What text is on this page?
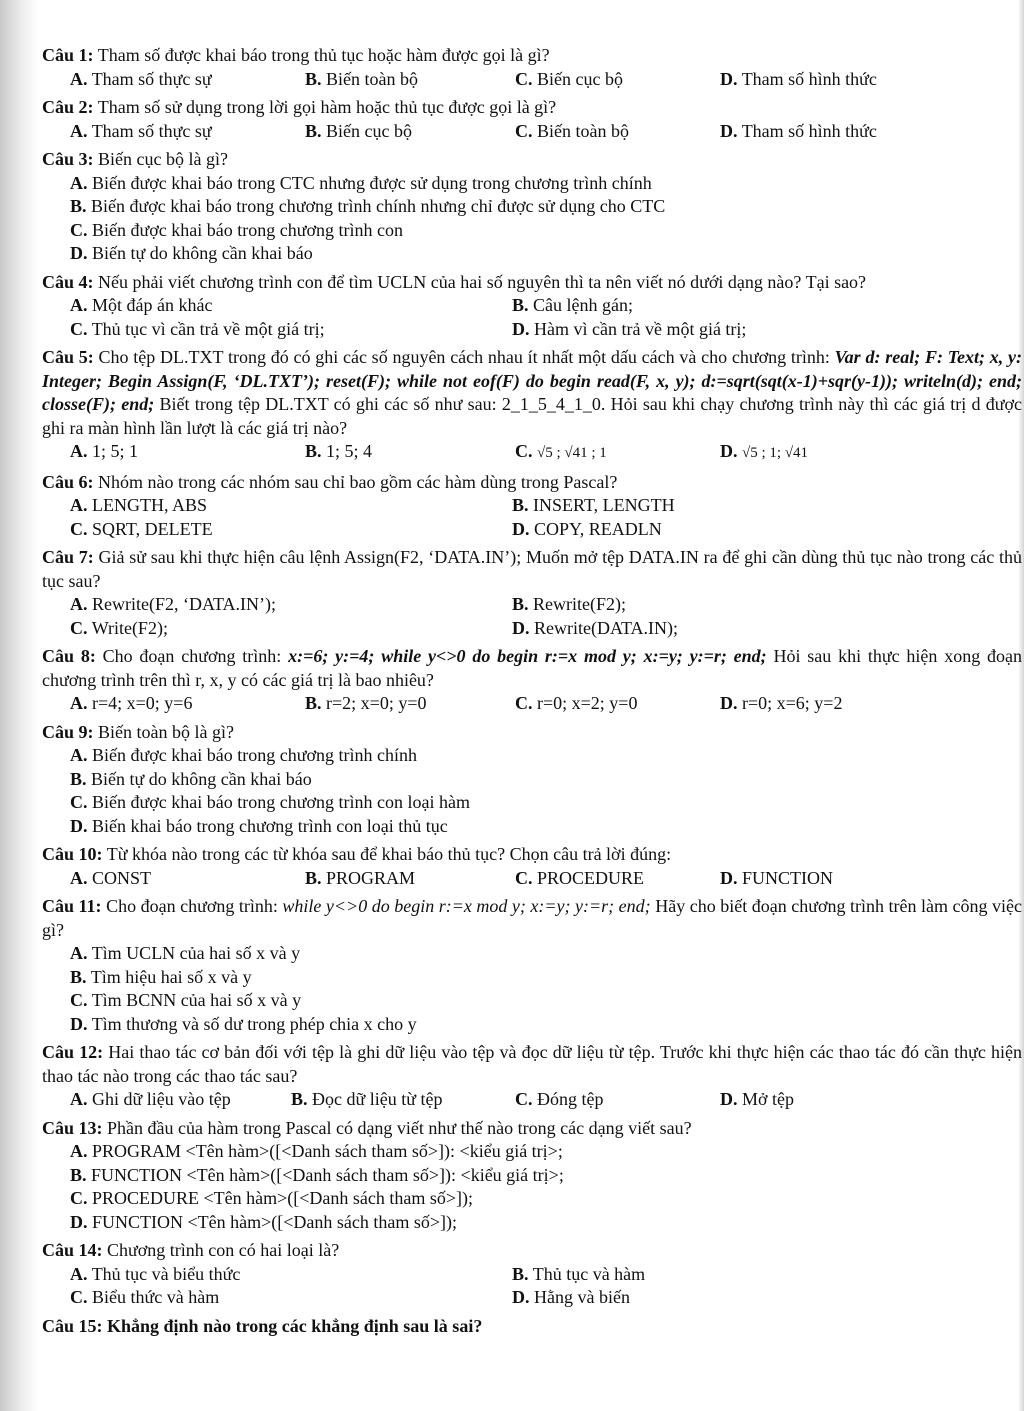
Câu 1: Tham số được khai báo trong thủ tục hoặc hàm được gọi là gì?
A. Tham số thực sự	B. Biến toàn bộ	C. Biến cục bộ	D. Tham số hình thức
Câu 2: Tham số sử dụng trong lời gọi hàm hoặc thủ tục được gọi là gì?
A. Tham số thực sự	B. Biến cục bộ	C. Biến toàn bộ	D. Tham số hình thức
Câu 3: Biến cục bộ là gì?
A. Biến được khai báo trong CTC nhưng được sử dụng trong chương trình chính
B. Biến được khai báo trong chương trình chính nhưng chỉ được sử dụng cho CTC
C. Biến được khai báo trong chương trình con
D. Biến tự do không cần khai báo
Câu 4: Nếu phải viết chương trình con để tìm UCLN của hai số nguyên thì ta nên viết nó dưới dạng nào? Tại sao?
A. Một đáp án khác	B. Câu lệnh gán;
C. Thủ tục vì cần trả về một giá trị;	D. Hàm vì cần trả về một giá trị;
Câu 5: Cho tệp DL.TXT trong đó có ghi các số nguyên cách nhau ít nhất một dấu cách và cho chương trình: Var d: real; F: Text; x, y: Integer; Begin Assign(F, ‘DL.TXT’); reset(F); while not eof(F) do begin read(F, x, y); d:=sqrt(sqt(x-1)+sqr(y-1)); writeln(d); end; closse(F); end; Biết trong tệp DL.TXT có ghi các số như sau: 2_1_5_4_1_0. Hỏi sau khi chạy chương trình này thì các giá trị d được ghi ra màn hình lần lượt là các giá trị nào?
A. 1; 5; 1	B. 1; 5; 4	C. √5 ; √41 ; 1	D. √5 ; 1; √41
Câu 6: Nhóm nào trong các nhóm sau chỉ bao gồm các hàm dùng trong Pascal?
A. LENGTH, ABS	B. INSERT, LENGTH
C. SQRT, DELETE	D. COPY, READLN
Câu 7: Giả sử sau khi thực hiện câu lệnh Assign(F2, ‘DATA.IN’); Muốn mở tệp DATA.IN ra để ghi cần dùng thủ tục nào trong các thủ tục sau?
A. Rewrite(F2, ‘DATA.IN’);	B. Rewrite(F2);
C. Write(F2);	D. Rewrite(DATA.IN);
Câu 8: Cho đoạn chương trình: x:=6; y:=4; while y<>0 do begin r:=x mod y; x:=y; y:=r; end; Hỏi sau khi thực hiện xong đoạn chương trình trên thì r, x, y có các giá trị là bao nhiêu?
A. r=4; x=0; y=6	B. r=2; x=0; y=0	C. r=0; x=2; y=0	D. r=0; x=6; y=2
Câu 9: Biến toàn bộ là gì?
A. Biến được khai báo trong chương trình chính
B. Biến tự do không cần khai báo
C. Biến được khai báo trong chương trình con loại hàm
D. Biến khai báo trong chương trình con loại thủ tục
Câu 10: Từ khóa nào trong các từ khóa sau để khai báo thủ tục? Chọn câu trả lời đúng:
A. CONST	B. PROGRAM	C. PROCEDURE	D. FUNCTION
Câu 11: Cho đoạn chương trình: while y<>0 do begin r:=x mod y; x:=y; y:=r; end; Hãy cho biết đoạn chương trình trên làm công việc gì?
A. Tìm UCLN của hai số x và y
B. Tìm hiệu hai số x và y
C. Tìm BCNN của hai số x và y
D. Tìm thương và số dư trong phép chia x cho y
Câu 12: Hai thao tác cơ bản đối với tệp là ghi dữ liệu vào tệp và đọc dữ liệu từ tệp. Trước khi thực hiện các thao tác đó cần thực hiện thao tác nào trong các thao tác sau?
A. Ghi dữ liệu vào tệp	B. Đọc dữ liệu từ tệp	C. Đóng tệp	D. Mở tệp
Câu 13: Phần đầu của hàm trong Pascal có dạng viết như thế nào trong các dạng viết sau?
A. PROGRAM <Tên hàm>([<Danh sách tham số>]): <kiểu giá trị>;
B. FUNCTION <Tên hàm>([<Danh sách tham số>]): <kiểu giá trị>;
C. PROCEDURE <Tên hàm>([<Danh sách tham số>]);
D. FUNCTION <Tên hàm>([<Danh sách tham số>]);
Câu 14: Chương trình con có hai loại là?
A. Thủ tục và biểu thức	B. Thủ tục và hàm
C. Biểu thức và hàm	D. Hằng và biến
Câu 15: Khẳng định nào trong các khẳng định sau là sai?
